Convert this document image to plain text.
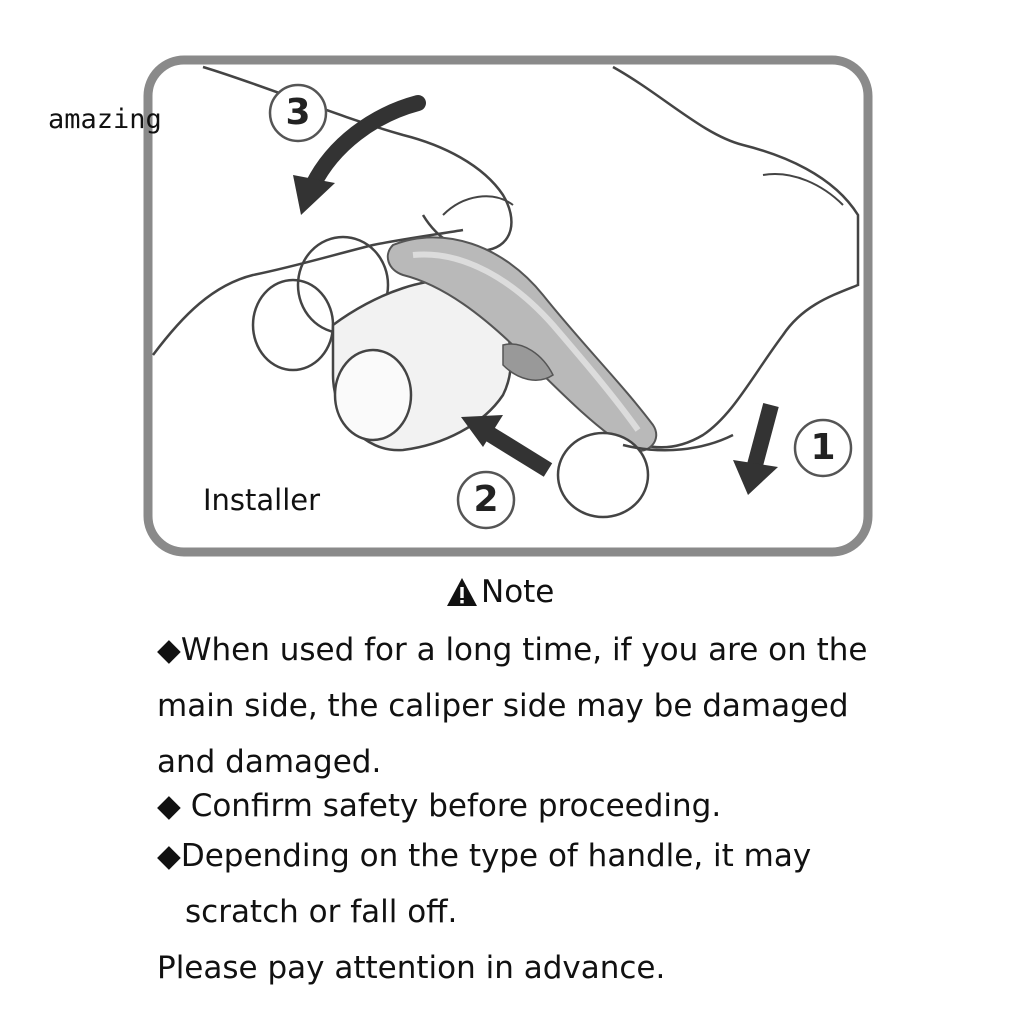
amazing	3
2
1
Installer
Note
◆When used for a long time, if you are on the
main side, the caliper side may be damaged
and damaged.
◆ Confirm safety before proceeding.
◆Depending on the type of handle, it may
scratch or fall off.
Please pay attention in advance.
